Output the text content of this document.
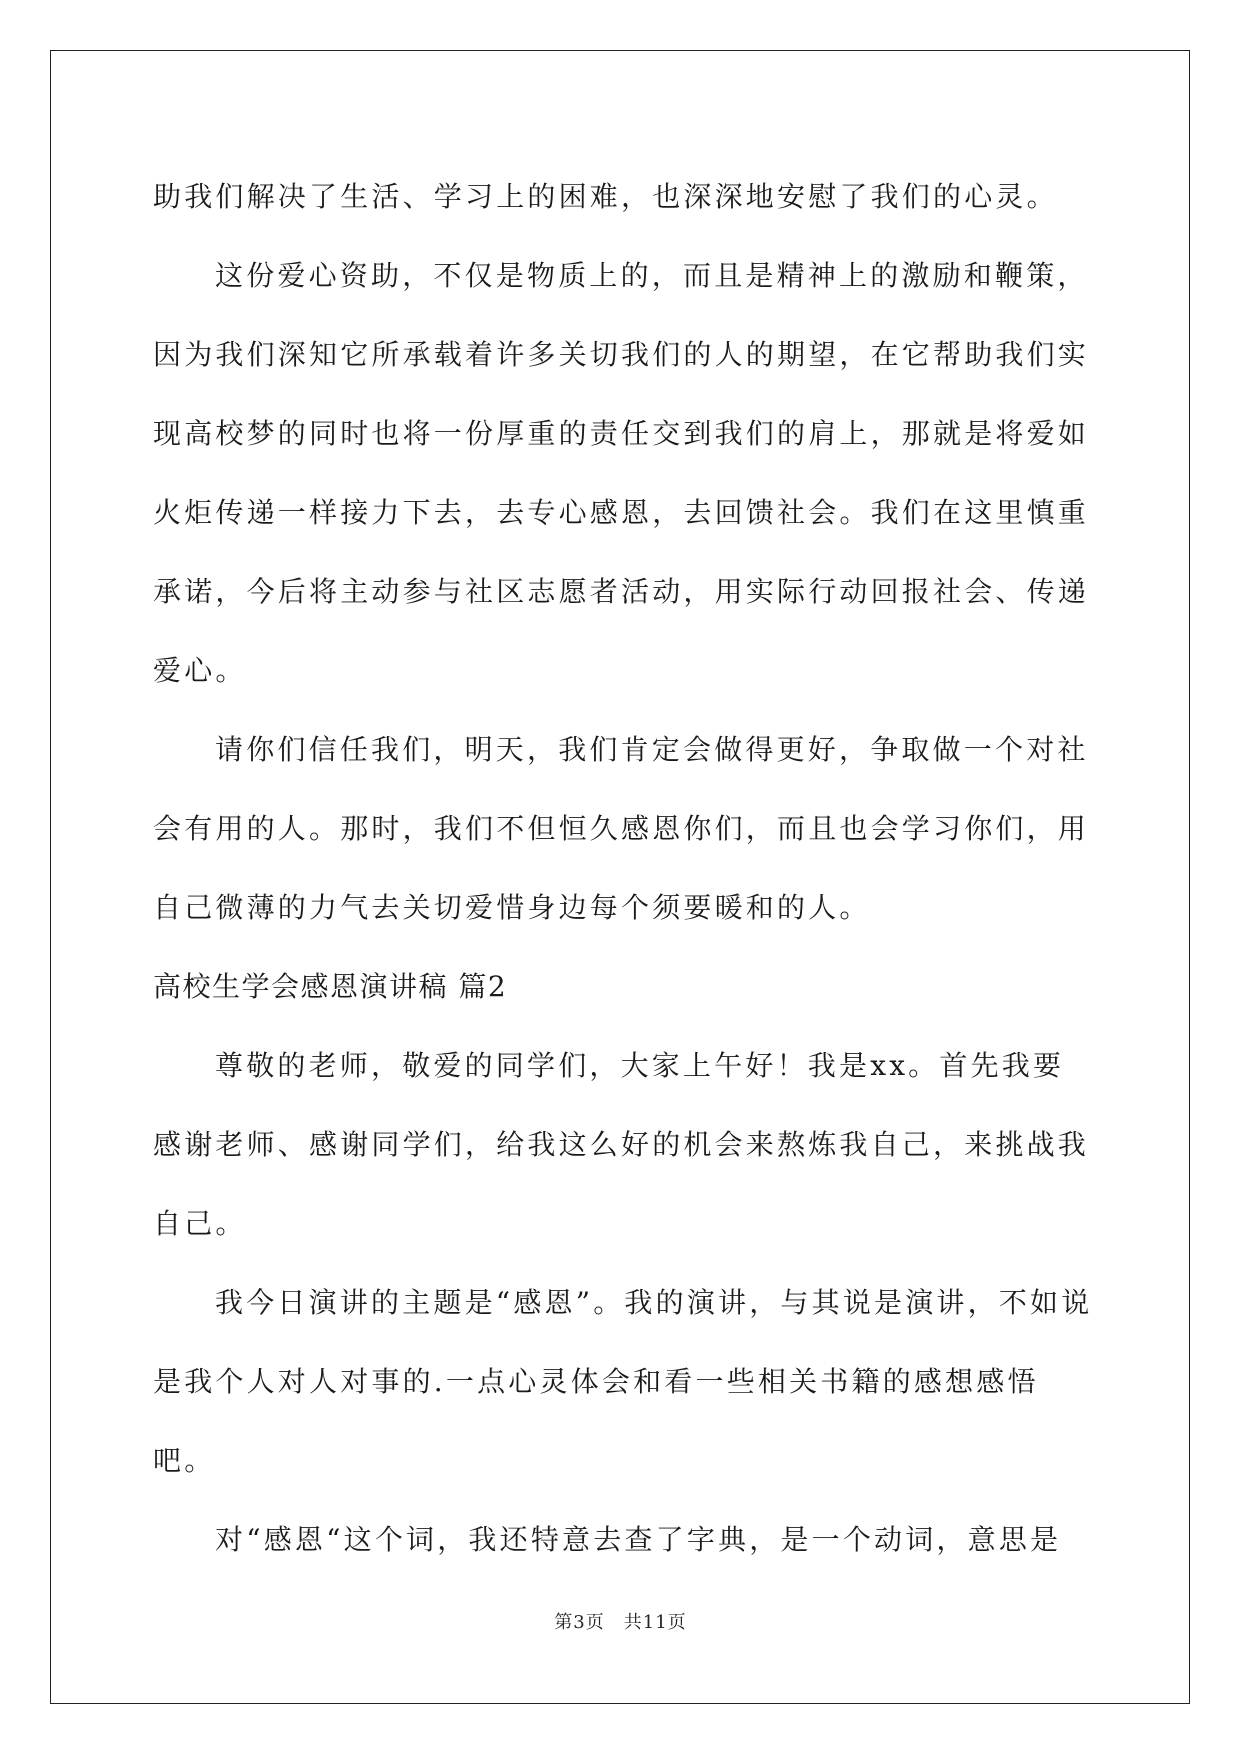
助我们解决了生活、学习上的困难，也深深地安慰了我们的心灵。

这份爱心资助，不仅是物质上的，而且是精神上的激励和鞭策，因为我们深知它所承载着许多关切我们的人的期望，在它帮助我们实现高校梦的同时也将一份厚重的责任交到我们的肩上，那就是将爱如火炬传递一样接力下去，去专心感恩，去回馈社会。我们在这里慎重承诺，今后将主动参与社区志愿者活动，用实际行动回报社会、传递爱心。

请你们信任我们，明天，我们肯定会做得更好，争取做一个对社会有用的人。那时，我们不但恒久感恩你们，而且也会学习你们，用自己微薄的力气去关切爱惜身边每个须要暖和的人。

高校生学会感恩演讲稿 篇2

尊敬的老师，敬爱的同学们，大家上午好！我是xx。首先我要感谢老师、感谢同学们，给我这么好的机会来熬炼我自己，来挑战我自己。

我今日演讲的主题是“感恩”。我的演讲，与其说是演讲，不如说是我个人对人对事的.一点心灵体会和看一些相关书籍的感想感悟吧。

对“感恩“这个词，我还特意去查了字典，是一个动词，意思是

第3页　共11页
